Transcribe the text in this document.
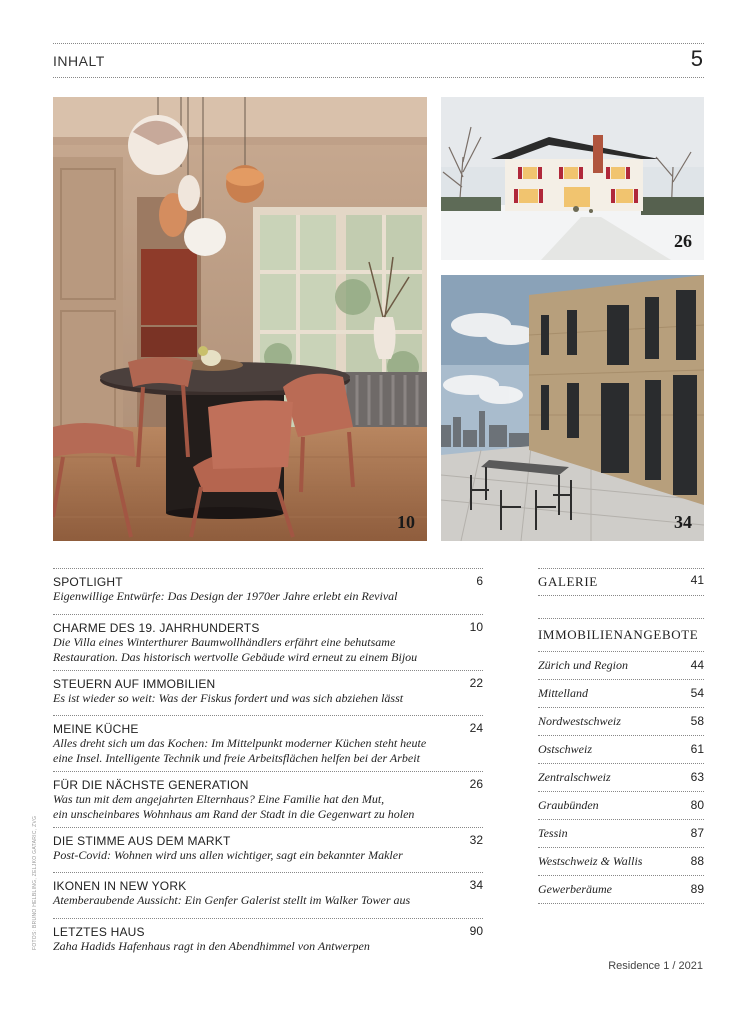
INHALT	5
10
26
34
SPOTLIGHT	6
Eigenwillige Entwürfe: Das Design der 1970er Jahre erlebt ein Revival
CHARME DES 19. JAHRHUNDERTS	10
Die Villa eines Winterthurer Baumwollhändlers erfährt eine behutsame
Restauration. Das historisch wertvolle Gebäude wird erneut zu einem Bijou
STEUERN AUF IMMOBILIEN	22
Es ist wieder so weit: Was der Fiskus fordert und was sich abziehen lässt
MEINE KÜCHE	24
Alles dreht sich um das Kochen: Im Mittelpunkt moderner Küchen steht heute
eine Insel. Intelligente Technik und freie Arbeitsflächen helfen bei der Arbeit
FÜR DIE NÄCHSTE GENERATION	26
Was tun mit dem angejahrten Elternhaus? Eine Familie hat den Mut,
ein unscheinbares Wohnhaus am Rand der Stadt in die Gegenwart zu holen
DIE STIMME AUS DEM MARKT	32
Post-Covid: Wohnen wird uns allen wichtiger, sagt ein bekannter Makler
IKONEN IN NEW YORK	34
Atemberaubende Aussicht: Ein Genfer Galerist stellt im Walker Tower aus
LETZTES HAUS	90
Zaha Hadids Hafenhaus ragt in den Abendhimmel von Antwerpen
GALERIE	41
IMMOBILIENANGEBOTE
Zürich und Region	44
Mittelland	54
Nordwestschweiz	58
Ostschweiz	61
Zentralschweiz	63
Graubünden	80
Tessin	87
Westschweiz & Wallis	88
Gewerberäume	89
FOTOS: BRUNO HELBLING, ZELJKO GATARIC, ZVG
Residence 1 / 2021
